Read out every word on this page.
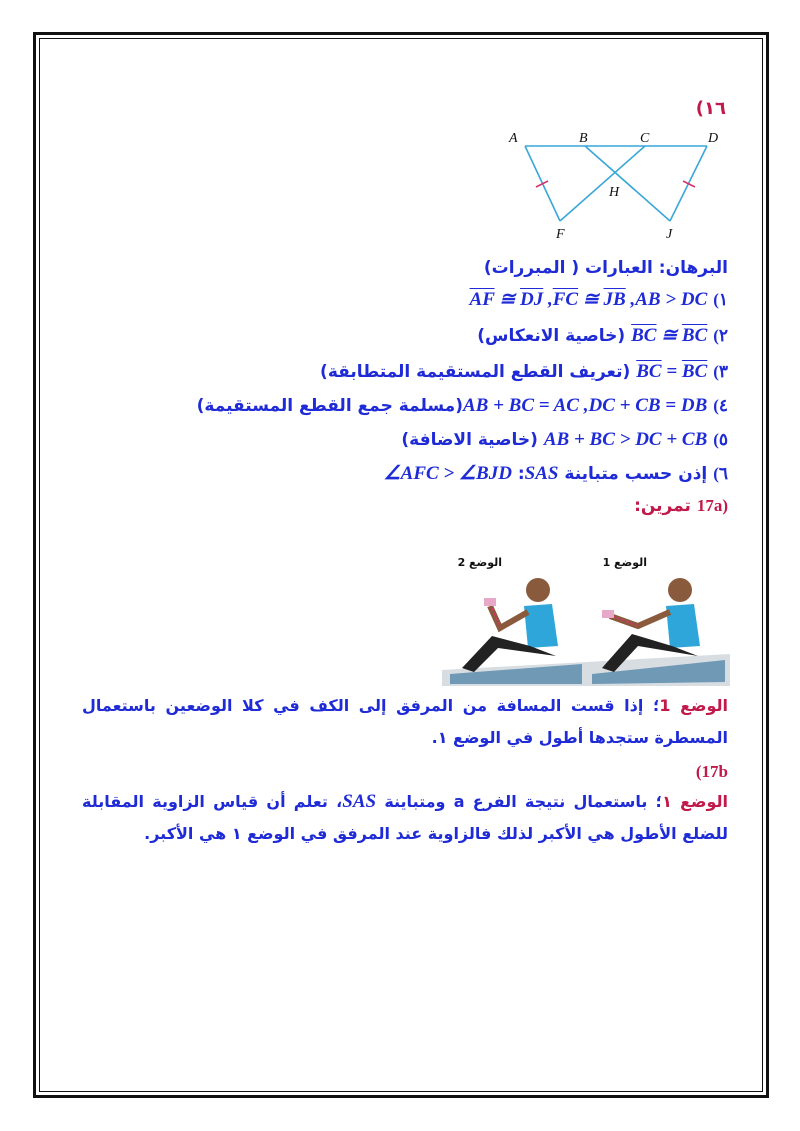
١٦)
A	B	C	D
H
F	J
البرهان: العبارات ( المبررات)
١) $\overline{AF}$ ≅ $\overline{DJ}$ $,\overline{FC}$ ≅ $\overline{JB}$ ,AB > DC
٢) $\overline{BC}$ ≅ $\overline{BC}$ (خاصية الانعكاس)
٣) $\overline{BC} = \overline{BC}$ (تعريف القطع المستقيمة المتطابقة)
٤) AB + BC = AC ,DC + CB = DB(مسلمة جمع القطع المستقيمة)
٥) AB + BC > DC + CB (خاصية الاضافة)
٦) إذن حسب متباينة SAS: ∠AFC > ∠BJD
17a) تمرين:
الوضع 2	الوضع 1
الوضع 1؛ إذا قست المسافة من المرفق إلى الكف في كلا الوضعين باستعمال المسطرة ستجدها أطول في الوضع ١.
(17b
الوضع ١؛ باستعمال نتيجة الفرع a ومتباينة SAS، تعلم أن قياس الزاوية المقابلة للضلع الأطول هي الأكبر لذلك فالزاوية عند المرفق في الوضع ١ هي الأكبر.
